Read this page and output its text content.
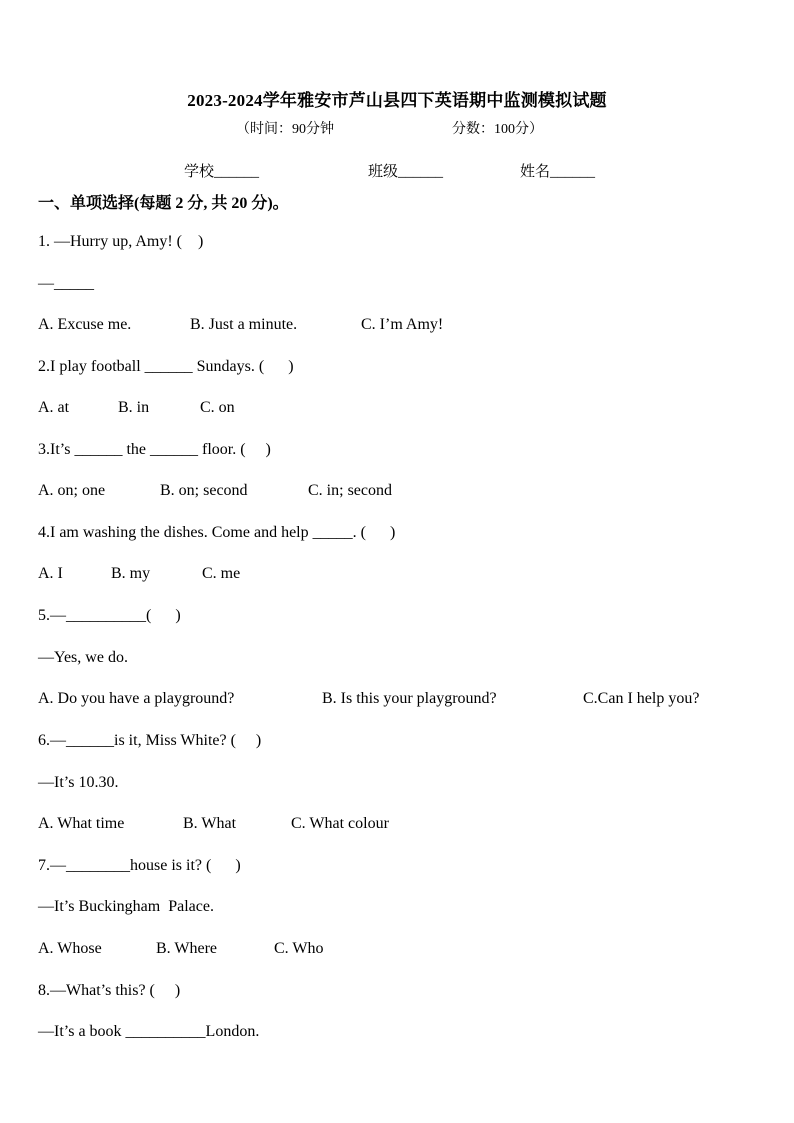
2023-2024学年雅安市芦山县四下英语期中监测模拟试题
（时间：90分钟	分数：100分）
学校______	班级______	姓名______
一、单项选择(每题 2 分, 共 20 分)。
1. —Hurry up, Amy! (    )
—_____
A. Excuse me.	B. Just a minute.	C. I’m Amy!
2.I play football ______ Sundays. (      )
A. at	B. in	C. on
3.It’s ______ the ______ floor. (     )
A. on; one	B. on; second	C. in; second
4.I am washing the dishes. Come and help _____. (      )
A. I	B. my	C. me
5.—__________(      )
—Yes, we do.
A. Do you have a playground?	B. Is this your playground?	C.Can I help you?
6.—______is it, Miss White? (     )
—It’s 10.30.
A. What time	B. What	C. What colour
7.—________house is it? (      )
—It’s Buckingham  Palace.
A. Whose	B. Where	C. Who
8.—What’s this? (     )
—It’s a book __________London.
